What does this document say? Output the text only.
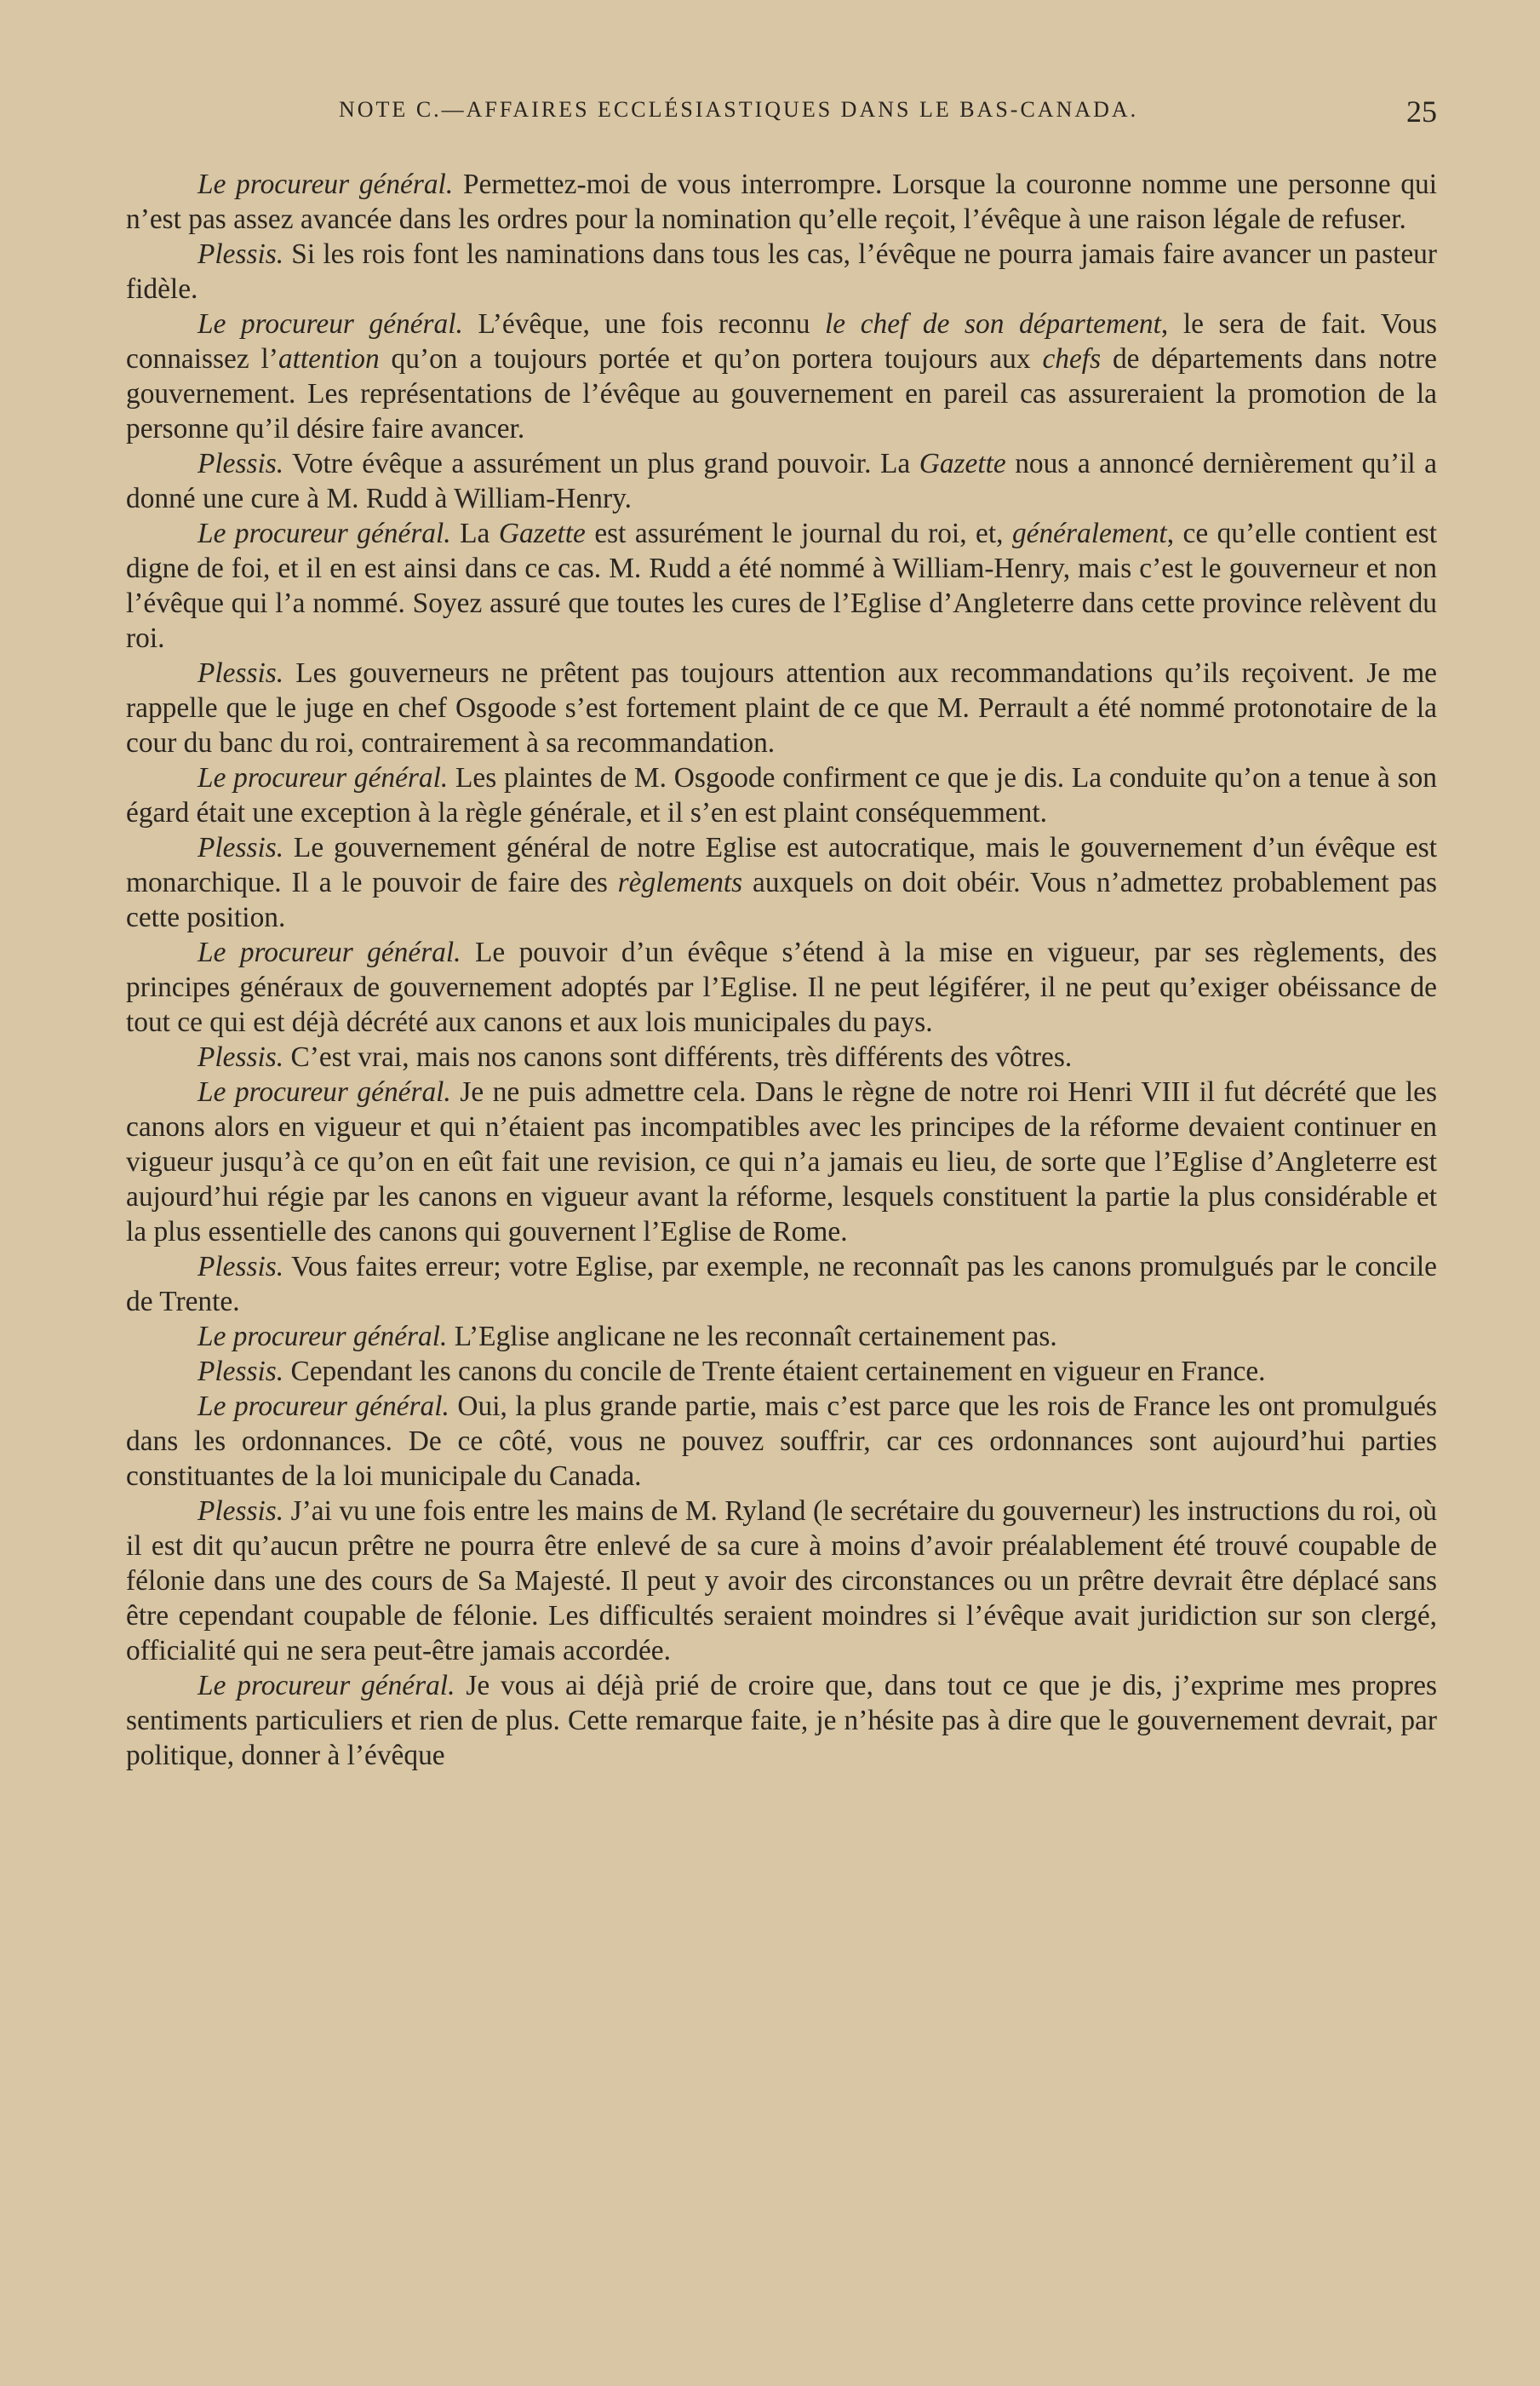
NOTE C.—AFFAIRES ECCLÉSIASTIQUES DANS LE BAS-CANADA.	25

Le procureur général. Permettez-moi de vous interrompre. Lorsque la couronne nomme une personne qui n’est pas assez avancée dans les ordres pour la nomination qu’elle reçoit, l’évêque à une raison légale de refuser.

Plessis. Si les rois font les naminations dans tous les cas, l’évêque ne pourra jamais faire avancer un pasteur fidèle.

Le procureur général. L’évêque, une fois reconnu le chef de son département, le sera de fait. Vous connaissez l’attention qu’on a toujours portée et qu’on portera toujours aux chefs de départements dans notre gouvernement. Les représentations de l’évêque au gouvernement en pareil cas assureraient la promotion de la personne qu’il désire faire avancer.

Plessis. Votre évêque a assurément un plus grand pouvoir. La Gazette nous a annoncé dernièrement qu’il a donné une cure à M. Rudd à William-Henry.

Le procureur général. La Gazette est assurément le journal du roi, et, généralement, ce qu’elle contient est digne de foi, et il en est ainsi dans ce cas. M. Rudd a été nommé à William-Henry, mais c’est le gouverneur et non l’évêque qui l’a nommé. Soyez assuré que toutes les cures de l’Eglise d’Angleterre dans cette province relèvent du roi.

Plessis. Les gouverneurs ne prêtent pas toujours attention aux recommandations qu’ils reçoivent. Je me rappelle que le juge en chef Osgoode s’est fortement plaint de ce que M. Perrault a été nommé protonotaire de la cour du banc du roi, contrairement à sa recommandation.

Le procureur général. Les plaintes de M. Osgoode confirment ce que je dis. La conduite qu’on a tenue à son égard était une exception à la règle générale, et il s’en est plaint conséquemment.

Plessis. Le gouvernement général de notre Eglise est autocratique, mais le gouvernement d’un évêque est monarchique. Il a le pouvoir de faire des règlements auxquels on doit obéir. Vous n’admettez probablement pas cette position.

Le procureur général. Le pouvoir d’un évêque s’étend à la mise en vigueur, par ses règlements, des principes généraux de gouvernement adoptés par l’Eglise. Il ne peut légiférer, il ne peut qu’exiger obéissance de tout ce qui est déjà décrété aux canons et aux lois municipales du pays.

Plessis. C’est vrai, mais nos canons sont différents, très différents des vôtres.

Le procureur général. Je ne puis admettre cela. Dans le règne de notre roi Henri VIII il fut décrété que les canons alors en vigueur et qui n’étaient pas incompatibles avec les principes de la réforme devaient continuer en vigueur jusqu’à ce qu’on en eût fait une revision, ce qui n’a jamais eu lieu, de sorte que l’Eglise d’Angleterre est aujourd’hui régie par les canons en vigueur avant la réforme, lesquels constituent la partie la plus considérable et la plus essentielle des canons qui gouvernent l’Eglise de Rome.

Plessis. Vous faites erreur; votre Eglise, par exemple, ne reconnaît pas les canons promulgués par le concile de Trente.

Le procureur général. L’Eglise anglicane ne les reconnaît certainement pas.

Plessis. Cependant les canons du concile de Trente étaient certainement en vigueur en France.

Le procureur général. Oui, la plus grande partie, mais c’est parce que les rois de France les ont promulgués dans les ordonnances. De ce côté, vous ne pouvez souffrir, car ces ordonnances sont aujourd’hui parties constituantes de la loi municipale du Canada.

Plessis. J’ai vu une fois entre les mains de M. Ryland (le secrétaire du gouverneur) les instructions du roi, où il est dit qu’aucun prêtre ne pourra être enlevé de sa cure à moins d’avoir préalablement été trouvé coupable de félonie dans une des cours de Sa Majesté. Il peut y avoir des circonstances ou un prêtre devrait être déplacé sans être cependant coupable de félonie. Les difficultés seraient moindres si l’évêque avait juridiction sur son clergé, officialité qui ne sera peut-être jamais accordée.

Le procureur général. Je vous ai déjà prié de croire que, dans tout ce que je dis, j’exprime mes propres sentiments particuliers et rien de plus. Cette remarque faite, je n’hésite pas à dire que le gouvernement devrait, par politique, donner à l’évêque
